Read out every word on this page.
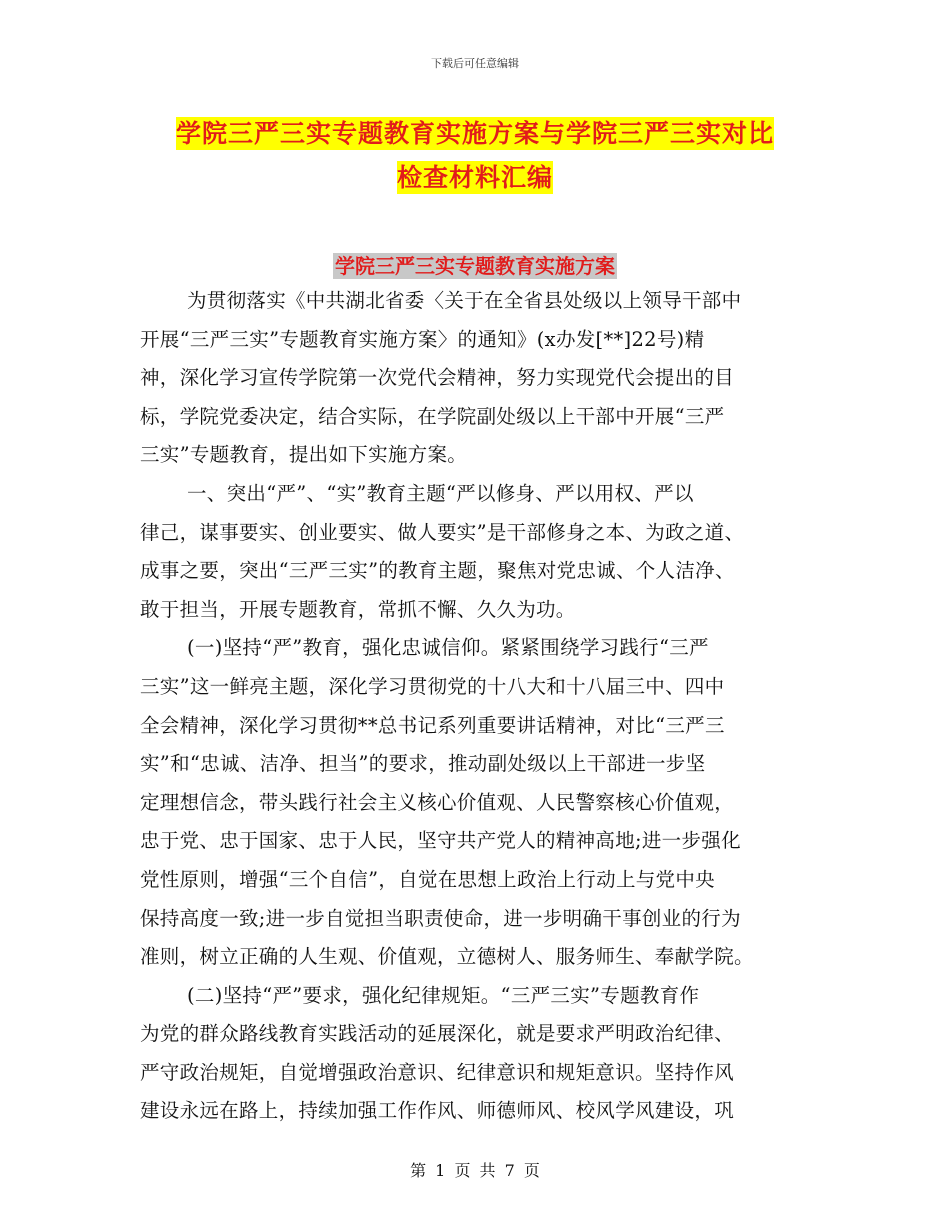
下载后可任意编辑
学院三严三实专题教育实施方案与学院三严三实对比
检查材料汇编
学院三严三实专题教育实施方案
为贯彻落实《中共湖北省委〈关于在全省县处级以上领导干部中
开展“三严三实”专题教育实施方案〉的通知》(x办发[**]22号)精
神，深化学习宣传学院第一次党代会精神，努力实现党代会提出的目
标，学院党委决定，结合实际，在学院副处级以上干部中开展“三严
三实”专题教育，提出如下实施方案。
一、突出“严”、“实”教育主题“严以修身、严以用权、严以
律己，谋事要实、创业要实、做人要实”是干部修身之本、为政之道、
成事之要，突出“三严三实”的教育主题，聚焦对党忠诚、个人洁净、
敢于担当，开展专题教育，常抓不懈、久久为功。
(一)坚持“严”教育，强化忠诚信仰。紧紧围绕学习践行“三严
三实”这一鲜亮主题，深化学习贯彻党的十八大和十八届三中、四中
全会精神，深化学习贯彻**总书记系列重要讲话精神，对比“三严三
实”和“忠诚、洁净、担当”的要求，推动副处级以上干部进一步坚
定理想信念，带头践行社会主义核心价值观、人民警察核心价值观，
忠于党、忠于国家、忠于人民，坚守共产党人的精神高地;进一步强化
党性原则，增强“三个自信”，自觉在思想上政治上行动上与党中央
保持高度一致;进一步自觉担当职责使命，进一步明确干事创业的行为
准则，树立正确的人生观、价值观，立德树人、服务师生、奉献学院。
(二)坚持“严”要求，强化纪律规矩。“三严三实”专题教育作
为党的群众路线教育实践活动的延展深化，就是要求严明政治纪律、
严守政治规矩，自觉增强政治意识、纪律意识和规矩意识。坚持作风
建设永远在路上，持续加强工作作风、师德师风、校风学风建设，巩
第 1 页 共 7 页
